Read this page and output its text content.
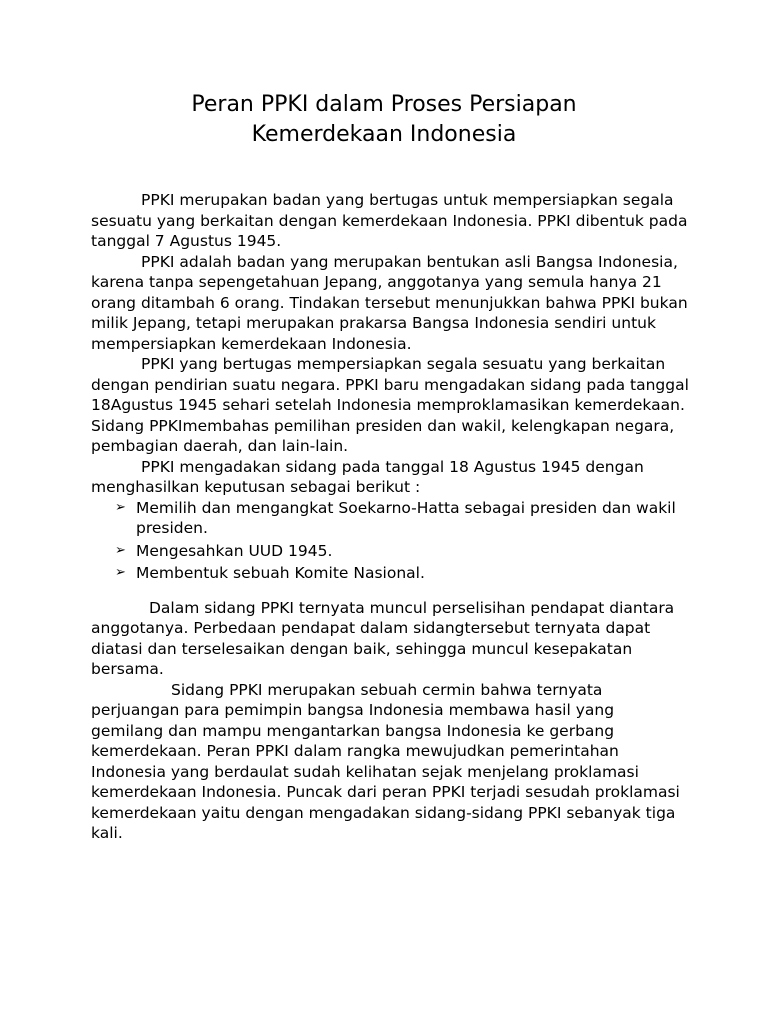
Peran PPKI dalam Proses Persiapan
Kemerdekaan Indonesia

PPKI merupakan badan yang bertugas untuk mempersiapkan segala sesuatu yang berkaitan dengan kemerdekaan Indonesia. PPKI dibentuk pada tanggal 7 Agustus 1945.

PPKI adalah badan yang merupakan bentukan asli Bangsa Indonesia, karena tanpa sepengetahuan Jepang, anggotanya yang semula hanya 21 orang ditambah 6 orang. Tindakan tersebut menunjukkan bahwa PPKI bukan milik Jepang, tetapi merupakan prakarsa Bangsa Indonesia sendiri untuk mempersiapkan kemerdekaan Indonesia.

PPKI yang bertugas mempersiapkan segala sesuatu yang berkaitan dengan pendirian suatu negara. PPKI baru mengadakan sidang pada tanggal 18Agustus 1945 sehari setelah Indonesia memproklamasikan kemerdekaan. Sidang PPKImembahas pemilihan presiden dan wakil, kelengkapan negara, pembagian daerah, dan lain-lain.

PPKI mengadakan sidang pada tanggal 18 Agustus 1945 dengan menghasilkan keputusan sebagai berikut :

➢ Memilih dan mengangkat Soekarno-Hatta sebagai presiden dan wakil presiden.
➢ Mengesahkan UUD 1945.
➢ Membentuk sebuah Komite Nasional.

Dalam sidang PPKI ternyata muncul perselisihan pendapat diantara anggotanya. Perbedaan pendapat dalam sidangtersebut ternyata dapat diatasi dan terselesaikan dengan baik, sehingga muncul kesepakatan bersama.

Sidang PPKI merupakan sebuah cermin bahwa ternyata perjuangan para pemimpin bangsa Indonesia membawa hasil yang gemilang dan mampu mengantarkan bangsa Indonesia ke gerbang kemerdekaan. Peran PPKI dalam rangka mewujudkan pemerintahan Indonesia yang berdaulat sudah kelihatan sejak menjelang proklamasi kemerdekaan Indonesia. Puncak dari peran PPKI terjadi sesudah proklamasi kemerdekaan yaitu dengan mengadakan sidang-sidang PPKI sebanyak tiga kali.
